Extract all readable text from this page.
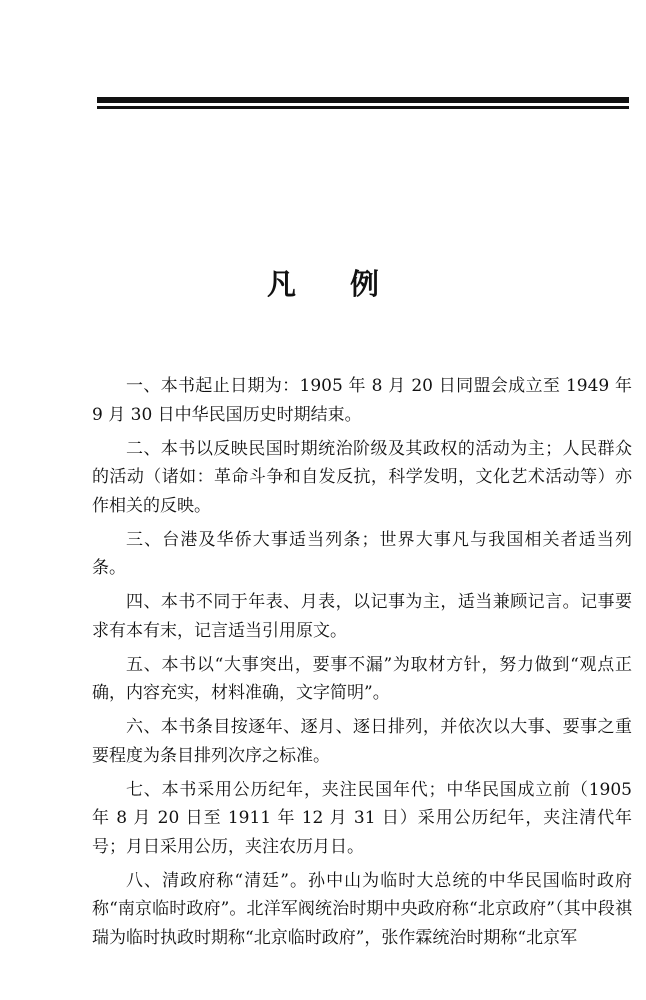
凡 例

一、本书起止日期为：1905 年 8 月 20 日同盟会成立至 1949 年 9 月 30 日中华民国历史时期结束。

二、本书以反映民国时期统治阶级及其政权的活动为主；人民群众的活动（诸如：革命斗争和自发反抗，科学发明，文化艺术活动等）亦作相关的反映。

三、台港及华侨大事适当列条；世界大事凡与我国相关者适当列条。

四、本书不同于年表、月表，以记事为主，适当兼顾记言。记事要求有本有末，记言适当引用原文。

五、本书以“大事突出，要事不漏”为取材方针，努力做到“观点正确，内容充实，材料准确，文字简明”。

六、本书条目按逐年、逐月、逐日排列，并依次以大事、要事之重要程度为条目排列次序之标准。

七、本书采用公历纪年，夹注民国年代；中华民国成立前（1905 年 8 月 20 日至 1911 年 12 月 31 日）采用公历纪年，夹注清代年号；月日采用公历，夹注农历月日。

八、清政府称“清廷”。孙中山为临时大总统的中华民国临时政府称“南京临时政府”。北洋军阀统治时期中央政府称“北京政府”（其中段祺瑞为临时执政时期称“北京临时政府”，张作霖统治时期称“北京军
